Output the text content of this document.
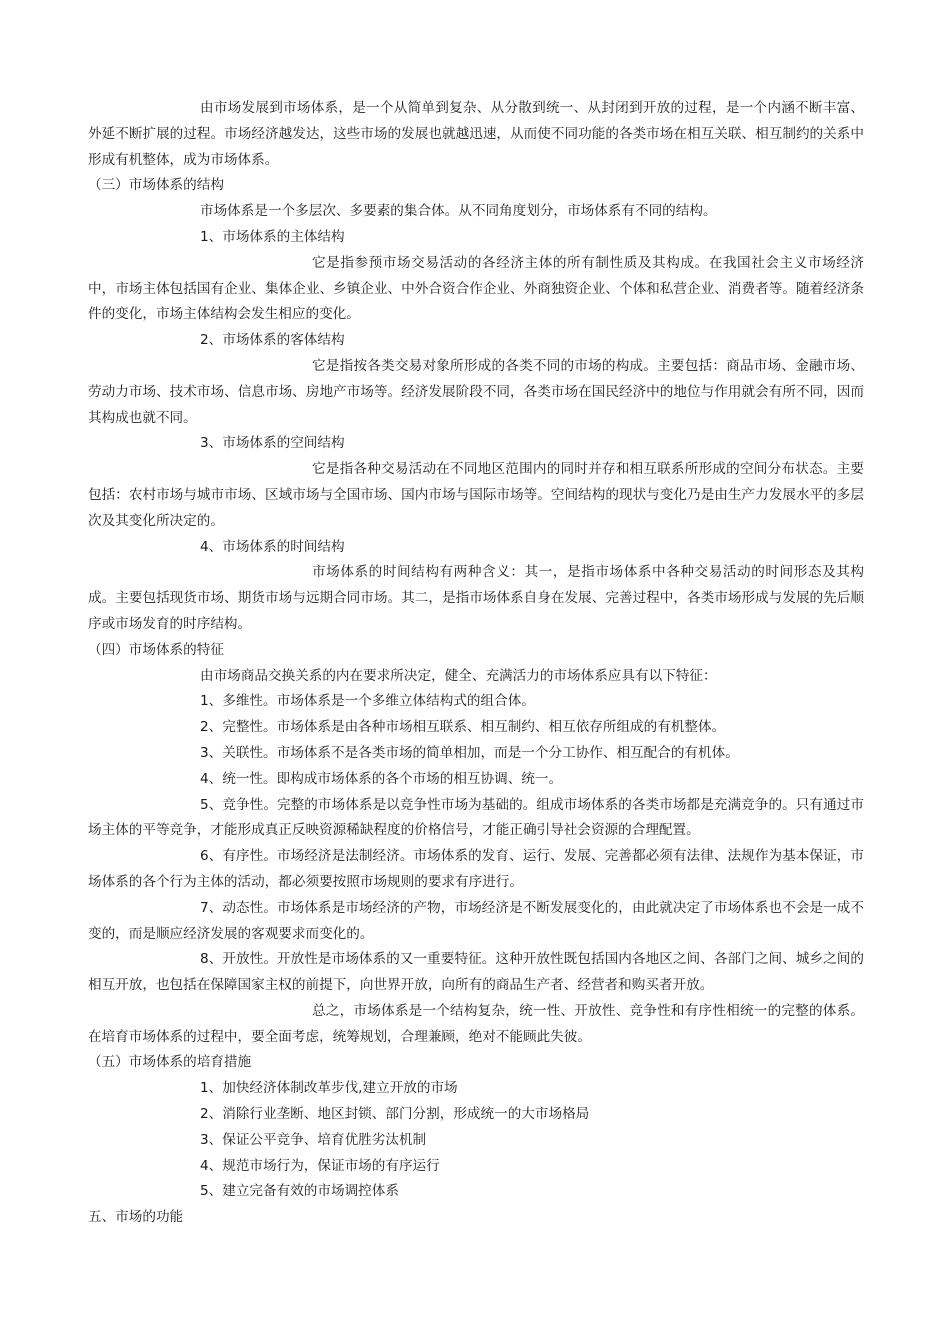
由市场发展到市场体系，是一个从简单到复杂、从分散到统一、从封闭到开放的过程，是一个内涵不断丰富、外延不断扩展的过程。市场经济越发达，这些市场的发展也就越迅速，从而使不同功能的各类市场在相互关联、相互制约的关系中形成有机整体，成为市场体系。

（三）市场体系的结构

市场体系是一个多层次、多要素的集合体。从不同角度划分，市场体系有不同的结构。

1、市场体系的主体结构

它是指参预市场交易活动的各经济主体的所有制性质及其构成。在我国社会主义市场经济中，市场主体包括国有企业、集体企业、乡镇企业、中外合资合作企业、外商独资企业、个体和私营企业、消费者等。随着经济条件的变化，市场主体结构会发生相应的变化。

2、市场体系的客体结构

它是指按各类交易对象所形成的各类不同的市场的构成。主要包括：商品市场、金融市场、劳动力市场、技术市场、信息市场、房地产市场等。经济发展阶段不同，各类市场在国民经济中的地位与作用就会有所不同，因而其构成也就不同。

3、市场体系的空间结构

它是指各种交易活动在不同地区范围内的同时并存和相互联系所形成的空间分布状态。主要包括：农村市场与城市市场、区域市场与全国市场、国内市场与国际市场等。空间结构的现状与变化乃是由生产力发展水平的多层次及其变化所决定的。

4、市场体系的时间结构

市场体系的时间结构有两种含义：其一，是指市场体系中各种交易活动的时间形态及其构成。主要包括现货市场、期货市场与远期合同市场。其二，是指市场体系自身在发展、完善过程中，各类市场形成与发展的先后顺序或市场发育的时序结构。

（四）市场体系的特征

由市场商品交换关系的内在要求所决定，健全、充满活力的市场体系应具有以下特征：

1、多维性。市场体系是一个多维立体结构式的组合体。

2、完整性。市场体系是由各种市场相互联系、相互制约、相互依存所组成的有机整体。

3、关联性。市场体系不是各类市场的简单相加，而是一个分工协作、相互配合的有机体。

4、统一性。即构成市场体系的各个市场的相互协调、统一。

5、竞争性。完整的市场体系是以竞争性市场为基础的。组成市场体系的各类市场都是充满竞争的。只有通过市场主体的平等竞争，才能形成真正反映资源稀缺程度的价格信号，才能正确引导社会资源的合理配置。

6、有序性。市场经济是法制经济。市场体系的发育、运行、发展、完善都必须有法律、法规作为基本保证，市场体系的各个行为主体的活动，都必须要按照市场规则的要求有序进行。

7、动态性。市场体系是市场经济的产物，市场经济是不断发展变化的，由此就决定了市场体系也不会是一成不变的，而是顺应经济发展的客观要求而变化的。

8、开放性。开放性是市场体系的又一重要特征。这种开放性既包括国内各地区之间、各部门之间、城乡之间的相互开放，也包括在保障国家主权的前提下，向世界开放，向所有的商品生产者、经营者和购买者开放。

总之，市场体系是一个结构复杂，统一性、开放性、竞争性和有序性相统一的完整的体系。在培育市场体系的过程中，要全面考虑，统筹规划，合理兼顾，绝对不能顾此失彼。

（五）市场体系的培育措施

1、加快经济体制改革步伐,建立开放的市场

2、消除行业垄断、地区封锁、部门分割，形成统一的大市场格局

3、保证公平竞争、培育优胜劣汰机制

4、规范市场行为，保证市场的有序运行

5、建立完备有效的市场调控体系

五、市场的功能
